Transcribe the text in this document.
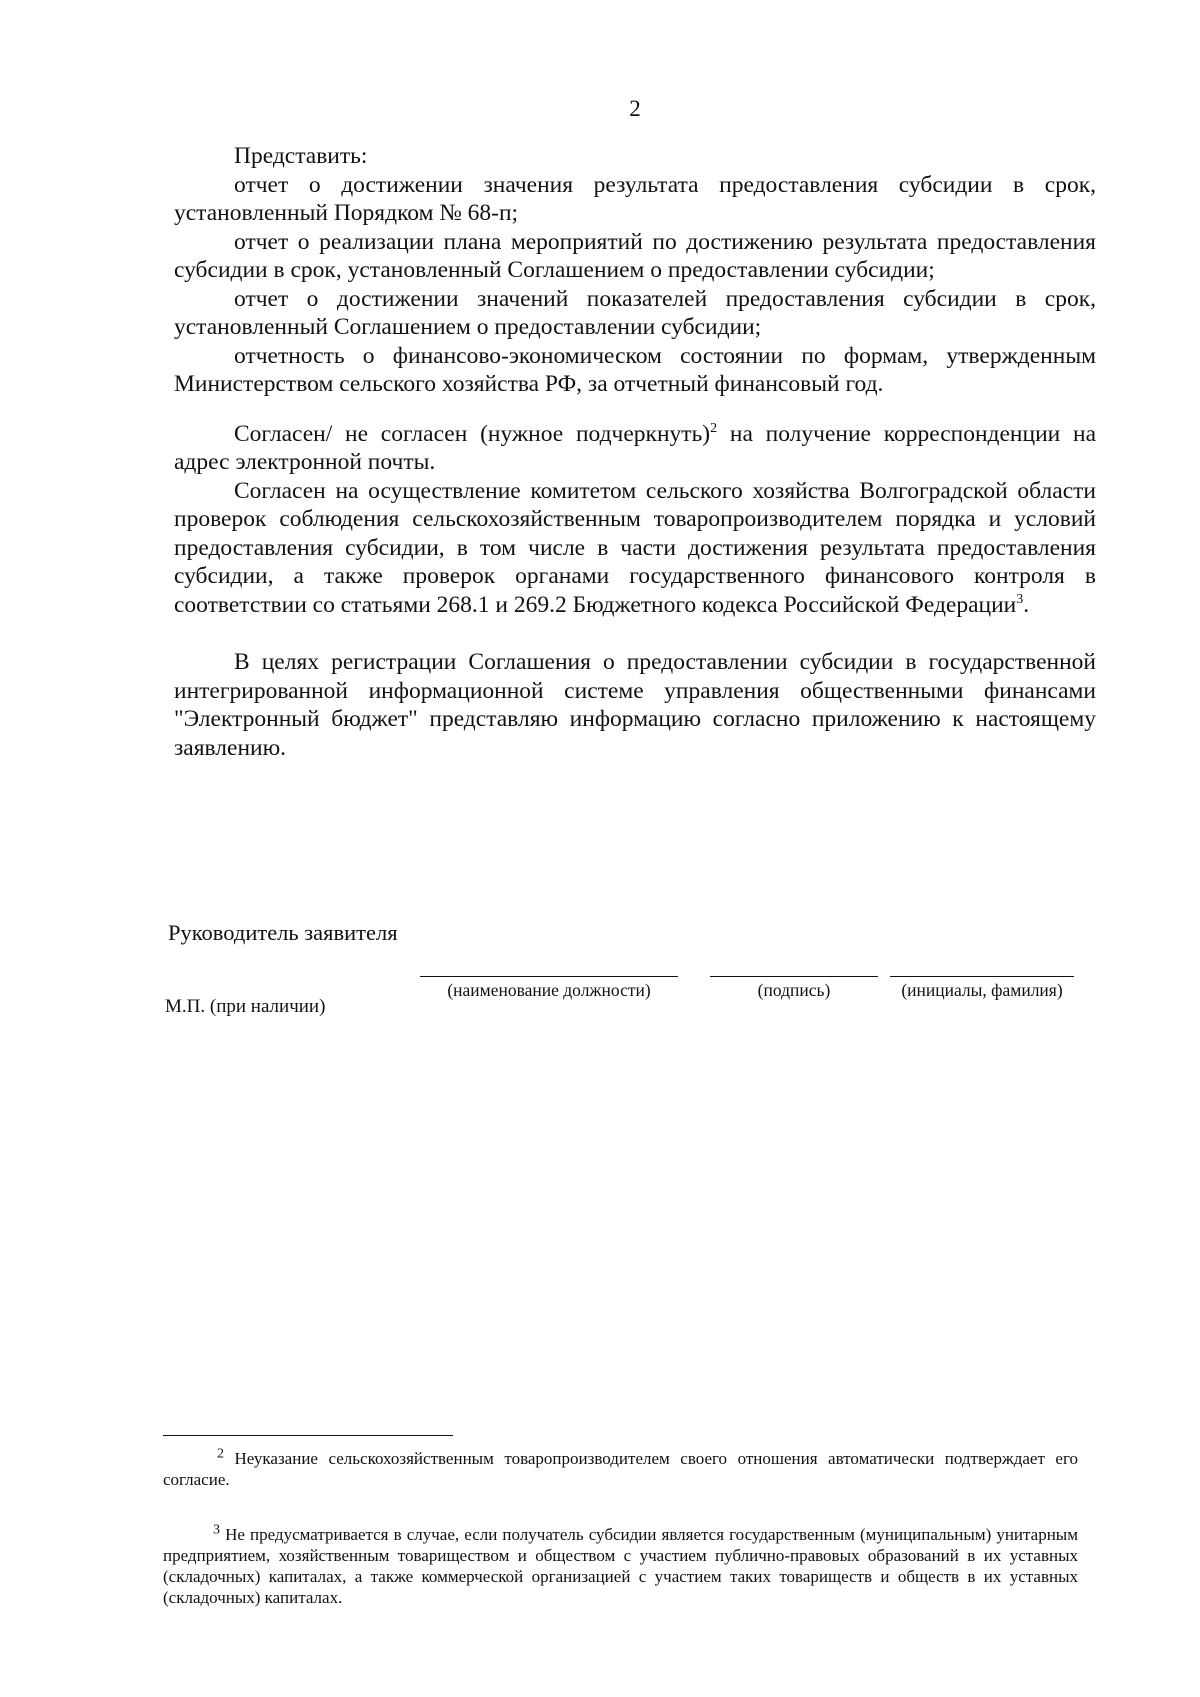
2

Представить:

отчет о достижении значения результата предоставления субсидии в срок, установленный Порядком № 68-п;

отчет о реализации плана мероприятий по достижению результата предоставления субсидии в срок, установленный Соглашением о предоставлении субсидии;

отчет о достижении значений показателей предоставления субсидии в срок, установленный Соглашением о предоставлении субсидии;

отчетность о финансово-экономическом состоянии по формам, утвержденным Министерством сельского хозяйства РФ, за отчетный финансовый год.

Согласен/ не согласен (нужное подчеркнуть)$^2$ на получение корреспонденции на адрес электронной почты.

Согласен на осуществление комитетом сельского хозяйства Волгоградской области проверок соблюдения сельскохозяйственным товаропроизводителем порядка и условий предоставления субсидии, в том числе в части достижения результата предоставления субсидии, а также проверок органами государственного финансового контроля в соответствии со статьями 268.1 и 269.2 Бюджетного кодекса Российской Федерации$^3$.

В целях регистрации Соглашения о предоставлении субсидии в государственной интегрированной информационной системе управления общественными финансами "Электронный бюджет" представляю информацию согласно приложению к настоящему заявлению.

Руководитель заявителя
(наименование должности)	(подпись)	(инициалы, фамилия)
М.П. (при наличии)
$^2$ Неуказание сельскохозяйственным товаропроизводителем своего отношения автоматически подтверждает его согласие.
$^3$ Не предусматривается в случае, если получатель субсидии является государственным (муниципальным) унитарным предприятием, хозяйственным товариществом и обществом с участием публично-правовых образований в их уставных (складочных) капиталах, а также коммерческой организацией с участием таких товариществ и обществ в их уставных (складочных) капиталах.
